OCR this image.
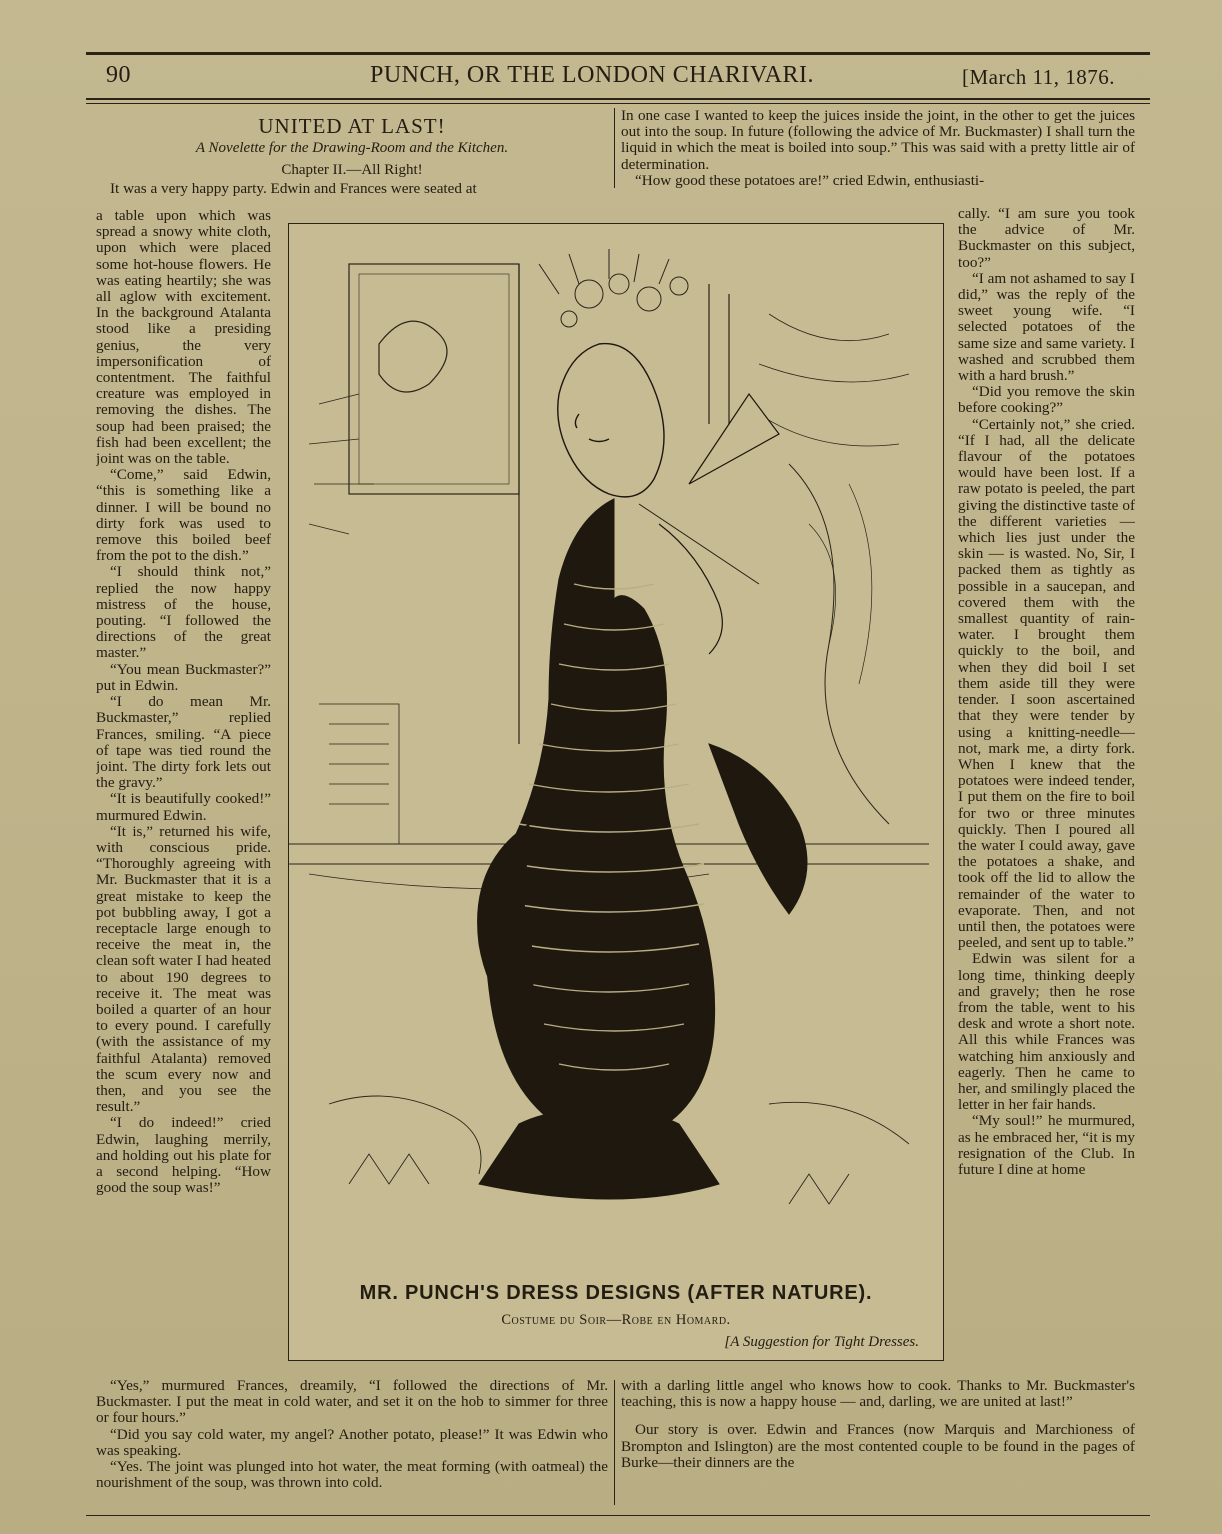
90	PUNCH, OR THE LONDON CHARIVARI.	[March 11, 1876.
UNITED AT LAST!
A Novelette for the Drawing-Room and the Kitchen.
Chapter II.—All Right!

It was a very happy party. Edwin and Frances were seated at

a table upon which was spread a snowy white cloth, upon which were placed some hot-house flowers. He was eating heartily; she was all aglow with excitement. In the background Atalanta stood like a presiding genius, the very impersonification of contentment. The faithful creature was employed in removing the dishes. The soup had been praised; the fish had been excellent; the joint was on the table.

“Come,” said Edwin, “this is something like a dinner. I will be bound no dirty fork was used to remove this boiled beef from the pot to the dish.”

“I should think not,” replied the now happy mistress of the house, pouting. “I followed the directions of the great master.”

“You mean Buckmaster?” put in Edwin.

“I do mean Mr. Buckmaster,” replied Frances, smiling. “A piece of tape was tied round the joint. The dirty fork lets out the gravy.”

“It is beautifully cooked!” murmured Edwin.

“It is,” returned his wife, with conscious pride. “Thoroughly agreeing with Mr. Buckmaster that it is a great mistake to keep the pot bubbling away, I got a receptacle large enough to receive the meat in, the clean soft water I had heated to about 190 degrees to receive it. The meat was boiled a quarter of an hour to every pound. I carefully (with the assistance of my faithful Atalanta) removed the scum every now and then, and you see the result.”

“I do indeed!” cried Edwin, laughing merrily, and holding out his plate for a second helping. “How good the soup was!”

In one case I wanted to keep the juices inside the joint, in the other to get the juices out into the soup. In future (following the advice of Mr. Buckmaster) I shall turn the liquid in which the meat is boiled into soup.” This was said with a pretty little air of determination.

“How good these potatoes are!” cried Edwin, enthusiasti-

cally. “I am sure you took the advice of Mr. Buckmaster on this subject, too?”

“I am not ashamed to say I did,” was the reply of the sweet young wife. “I selected potatoes of the same size and same variety. I washed and scrubbed them with a hard brush.”

“Did you remove the skin before cooking?”

“Certainly not,” she cried. “If I had, all the delicate flavour of the potatoes would have been lost. If a raw potato is peeled, the part giving the distinctive taste of the different varieties — which lies just under the skin — is wasted. No, Sir, I packed them as tightly as possible in a saucepan, and covered them with the smallest quantity of rain-water. I brought them quickly to the boil, and when they did boil I set them aside till they were tender. I soon ascertained that they were tender by using a knitting-needle—not, mark me, a dirty fork. When I knew that the potatoes were indeed tender, I put them on the fire to boil for two or three minutes quickly. Then I poured all the water I could away, gave the potatoes a shake, and took off the lid to allow the remainder of the water to evaporate. Then, and not until then, the potatoes were peeled, and sent up to table.”

Edwin was silent for a long time, thinking deeply and gravely; then he rose from the table, went to his desk and wrote a short note. All this while Frances was watching him anxiously and eagerly. Then he came to her, and smilingly placed the letter in her fair hands.

“My soul!” he murmured, as he embraced her, “it is my resignation of the Club. In future I dine at home

“Yes,” murmured Frances, dreamily, “I followed the directions of Mr. Buckmaster. I put the meat in cold water, and set it on the hob to simmer for three or four hours.”

“Did you say cold water, my angel? Another potato, please!” It was Edwin who was speaking.

“Yes. The joint was plunged into hot water, the meat forming (with oatmeal) the nourishment of the soup, was thrown into cold.

with a darling little angel who knows how to cook. Thanks to Mr. Buckmaster's teaching, this is now a happy house — and, darling, we are united at last!”

Our story is over. Edwin and Frances (now Marquis and Marchioness of Brompton and Islington) are the most contented couple to be found in the pages of Burke—their dinners are the

MR. PUNCH'S DRESS DESIGNS (AFTER NATURE).
Costume du Soir—Robe en Homard.
[A Suggestion for Tight Dresses.
